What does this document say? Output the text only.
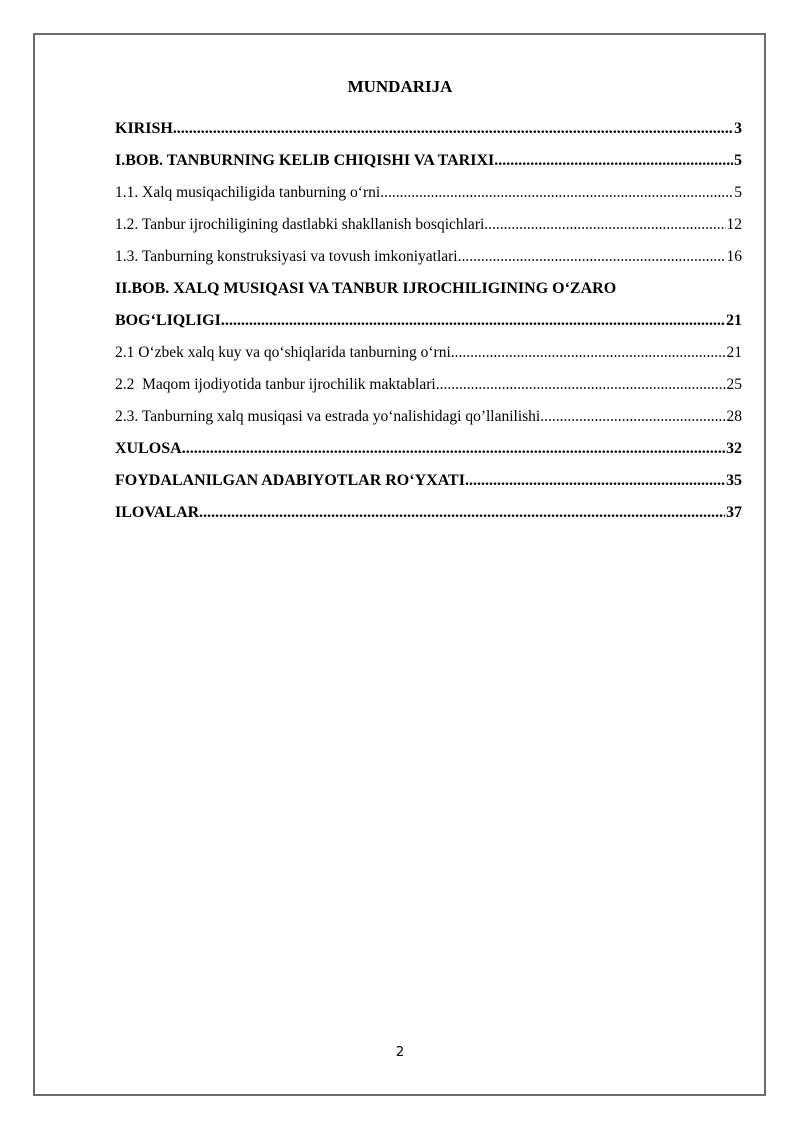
MUNDARIJA
KIRISH .....	3
I.BOB. TANBURNING KELIB CHIQISHI VA TARIXI .....	5
1.1. Xalq musiqachiligida tanburning o‘rni .....	5
1.2. Tanbur ijrochiligining dastlabki shakllanish bosqichlari .....	12
1.3. Tanburning konstruksiyasi va tovush imkoniyatlari .....	16
II.BOB. XALQ MUSIQASI VA TANBUR IJROCHILIGINING O‘ZARO
BOG‘LIQLIGI .....	21
2.1 O‘zbek xalq kuy va qo‘shiqlarida tanburning o‘rni .....	21
2.2  Maqom ijodiyotida tanbur ijrochilik maktablari .....	25
2.3. Tanburning xalq musiqasi va estrada yo‘nalishidagi qo’llanilishi .....	28
XULOSA .....	32
FOYDALANILGAN ADABIYOTLAR RO‘YXATI .....	35
ILOVALAR .....	37
2
